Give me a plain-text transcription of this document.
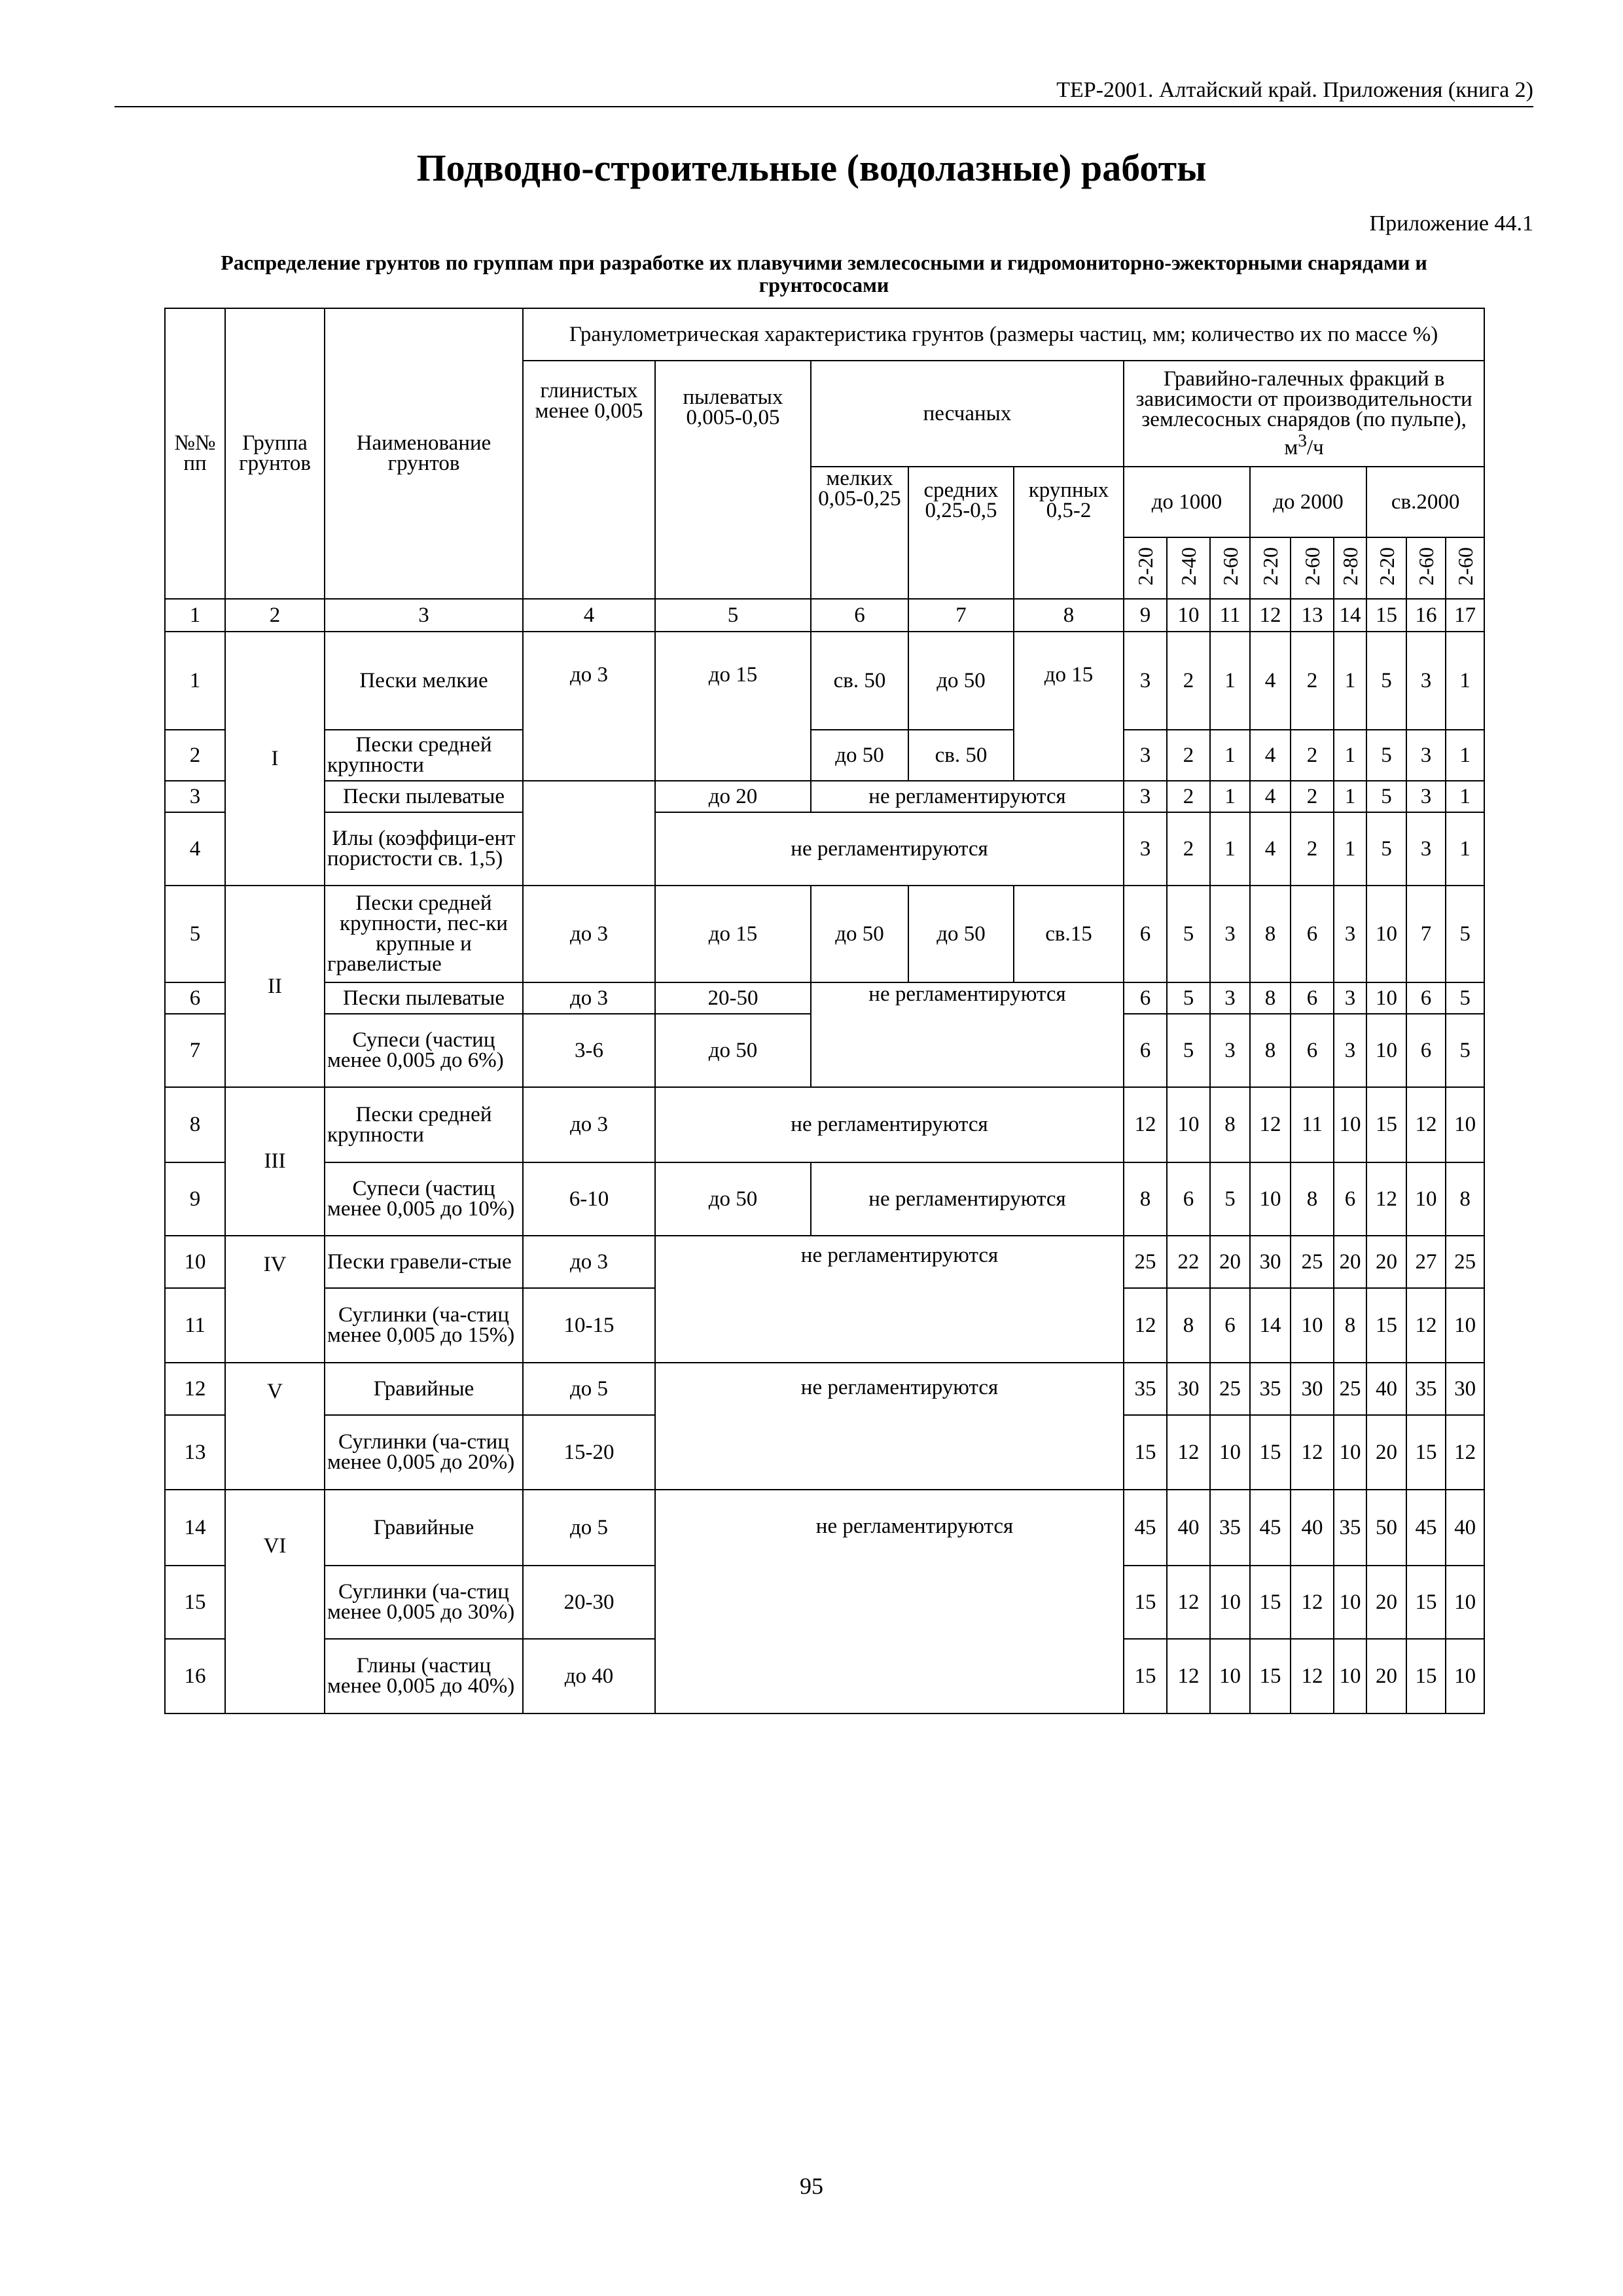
ТЕР-2001. Алтайский край. Приложения (книга 2)
Подводно-строительные (водолазные) работы
Приложение 44.1
Распределение грунтов по группам при разработке их плавучими землесосными и гидромониторно-эжекторными снарядами и
грунтососами
№№ пп	Группа грунтов	Наименование грунтов	Гранулометрическая характеристика грунтов (размеры частиц, мм; количество их по массе %)													
			глинистых менее 0,005	пылеватых 0,005-0,05	песчаных			Гравийно-галечных фракций в зависимости от производительности землесосных снарядов (по пульпе), $м^3/ч$								
					мелких 0,05-0,25	средних 0,25-0,5	крупных 0,5-2	до 1000			до 2000			св.2000		
								2-20	2-40	2-60	2-20	2-60	2-80	2-20	2-60	2-60
1	2	3	4	5	6	7	8	9	10	11	12	13	14	15	16	17
1	I	Пески мелкие	до 3	до 15	св. 50	до 50	до 15	3	2	1	4	2	1	5	3	1
2		Пески средней крупности			до 50	св. 50		3	2	1	4	2	1	5	3	1
3		Пески пылеватые		до 20	не регламентируются			3	2	1	4	2	1	5	3	1
4		Илы (коэффици-ент пористости св. 1,5)		не регламентируются				3	2	1	4	2	1	5	3	1
5	II	Пески средней крупности, пес-ки крупные и гравелистые	до 3	до 15	до 50	до 50	св.15	6	5	3	8	6	3	10	7	5
6		Пески пылеватые	до 3	20-50	не регламентируются			6	5	3	8	6	3	10	6	5
7		Супеси (частиц менее 0,005 до 6%)	3-6	до 50				6	5	3	8	6	3	10	6	5
8	III	Пески средней крупности	до 3	не регламентируются				12	10	8	12	11	10	15	12	10
9		Супеси (частиц менее 0,005 до 10%)	6-10	до 50	не регламентируются			8	6	5	10	8	6	12	10	8
10	IV	Пески гравели-стые	до 3	не регламентируются				25	22	20	30	25	20	20	27	25
11		Суглинки (ча-стиц менее 0,005 до 15%)	10-15					12	8	6	14	10	8	15	12	10
12	V	Гравийные	до 5	не регламентируются				35	30	25	35	30	25	40	35	30
13		Суглинки (ча-стиц менее 0,005 до 20%)	15-20					15	12	10	15	12	10	20	15	12
14	VI	Гравийные	до 5	не регламентируются				45	40	35	45	40	35	50	45	40
15		Суглинки (ча-стиц менее 0,005 до 30%)	20-30					15	12	10	15	12	10	20	15	10
16		Глины (частиц менее 0,005 до 40%)	до 40					15	12	10	15	12	10	20	15	10
95
